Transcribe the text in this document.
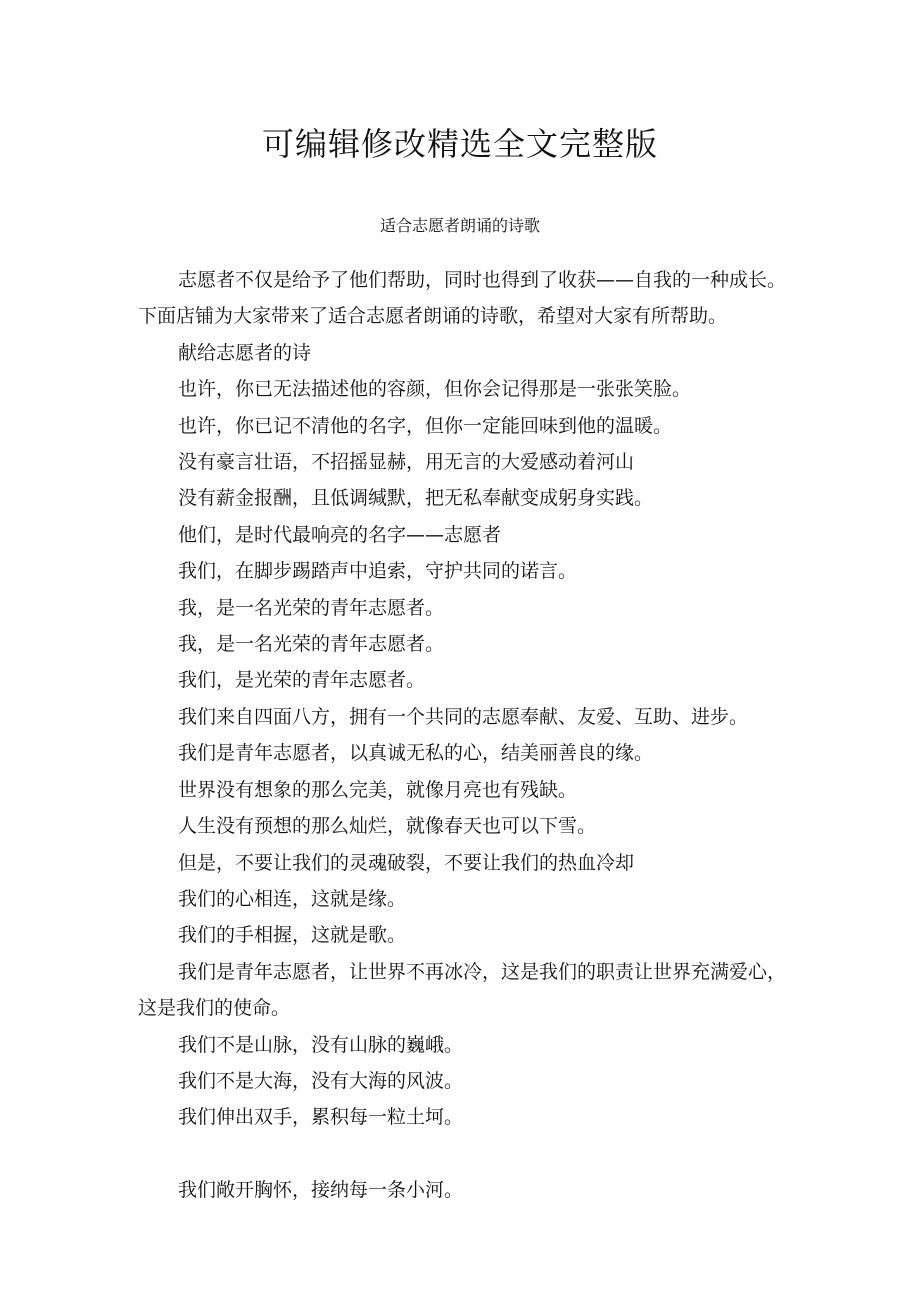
可编辑修改精选全文完整版

适合志愿者朗诵的诗歌

志愿者不仅是给予了他们帮助，同时也得到了收获——自我的一种成长。下面店铺为大家带来了适合志愿者朗诵的诗歌，希望对大家有所帮助。

献给志愿者的诗

也许，你已无法描述他的容颜，但你会记得那是一张张笑脸。

也许，你已记不清他的名字，但你一定能回味到他的温暖。

没有豪言壮语，不招摇显赫，用无言的大爱感动着河山

没有薪金报酬，且低调缄默，把无私奉献变成躬身实践。

他们，是时代最响亮的名字——志愿者

我们，在脚步踢踏声中追索，守护共同的诺言。

我，是一名光荣的青年志愿者。

我，是一名光荣的青年志愿者。

我们，是光荣的青年志愿者。

我们来自四面八方，拥有一个共同的志愿奉献、友爱、互助、进步。

我们是青年志愿者，以真诚无私的心，结美丽善良的缘。

世界没有想象的那么完美，就像月亮也有残缺。

人生没有预想的那么灿烂，就像春天也可以下雪。

但是，不要让我们的灵魂破裂，不要让我们的热血冷却

我们的心相连，这就是缘。

我们的手相握，这就是歌。

我们是青年志愿者，让世界不再冰冷，这是我们的职责让世界充满爱心，这是我们的使命。

我们不是山脉，没有山脉的巍峨。

我们不是大海，没有大海的风波。

我们伸出双手，累积每一粒土坷。

我们敞开胸怀，接纳每一条小河。
